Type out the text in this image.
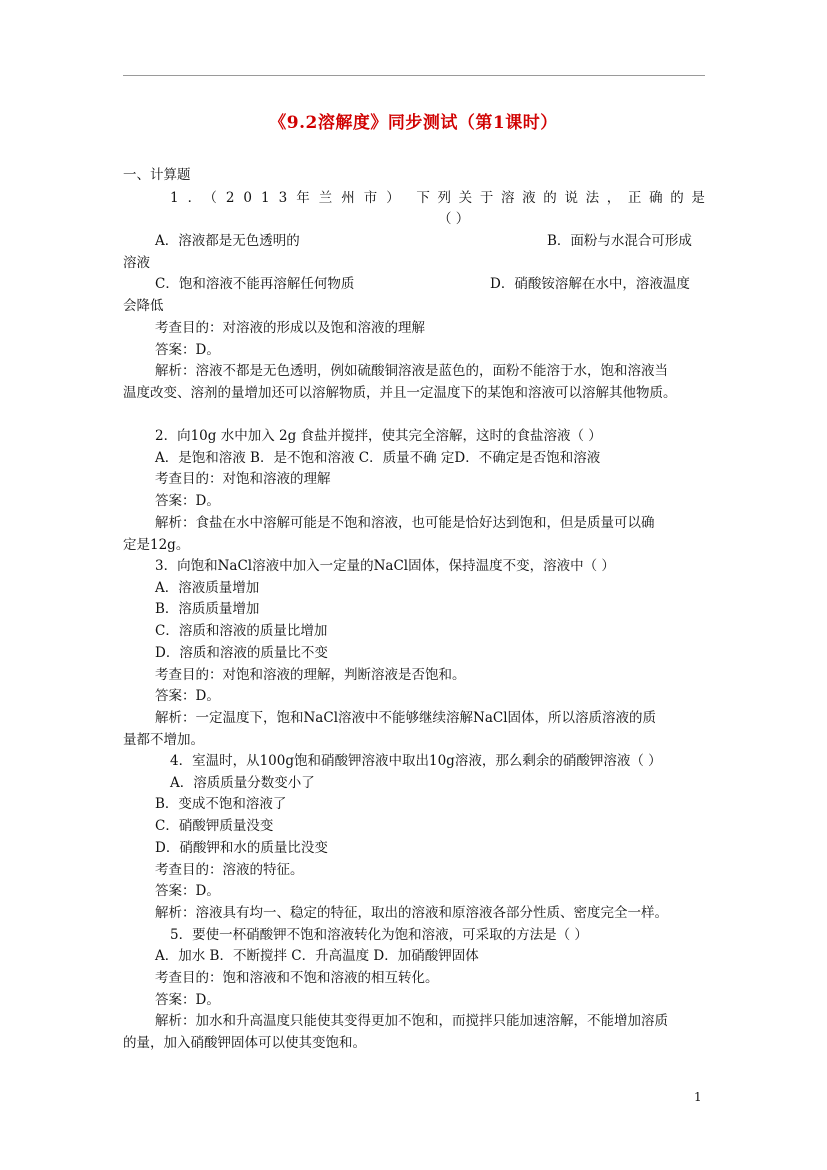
《9.2溶解度》同步测试（第1课时）
一、计算题
1．（2013年兰州市） 下 列 关 于 溶 液 的 说 法 ， 正 确 的 是
（ ）
A．溶液都是无色透明的	B．面粉与水混合可形成
溶液
C．饱和溶液不能再溶解任何物质	D．硝酸铵溶解在水中，溶液温度
会降低
考查目的：对溶液的形成以及饱和溶液的理解
答案：D。
解析：溶液不都是无色透明，例如硫酸铜溶液是蓝色的，面粉不能溶于水，饱和溶液当
温度改变、溶剂的量增加还可以溶解物质，并且一定温度下的某饱和溶液可以溶解其他物质。
2．向10g 水中加入 2g 食盐并搅拌，使其完全溶解，这时的食盐溶液（ ）
A．是饱和溶液 B．是不饱和溶液 C．质量不确 定D．不确定是否饱和溶液
考查目的：对饱和溶液的理解
答案：D。
解析：食盐在水中溶解可能是不饱和溶液，也可能是恰好达到饱和，但是质量可以确
定是12g。
3．向饱和NaCl溶液中加入一定量的NaCl固体，保持温度不变，溶液中（ ）
A．溶液质量增加
B．溶质质量增加
C．溶质和溶液的质量比增加
D．溶质和溶液的质量比不变
考查目的：对饱和溶液的理解，判断溶液是否饱和。
答案：D。
解析：一定温度下，饱和NaCl溶液中不能够继续溶解NaCl固体，所以溶质溶液的质
量都不增加。
4．室温时，从100g饱和硝酸钾溶液中取出10g溶液，那么剩余的硝酸钾溶液（ ）
A．溶质质量分数变小了
B．变成不饱和溶液了
C．硝酸钾质量没变
D．硝酸钾和水的质量比没变
考查目的：溶液的特征。
答案：D。
解析：溶液具有均一、稳定的特征，取出的溶液和原溶液各部分性质、密度完全一样。
5．要使一杯硝酸钾不饱和溶液转化为饱和溶液，可采取的方法是（ ）
A．加水 B．不断搅拌 C．升高温度 D．加硝酸钾固体
考查目的：饱和溶液和不饱和溶液的相互转化。
答案：D。
解析：加水和升高温度只能使其变得更加不饱和，而搅拌只能加速溶解，不能增加溶质
的量，加入硝酸钾固体可以使其变饱和。
1
